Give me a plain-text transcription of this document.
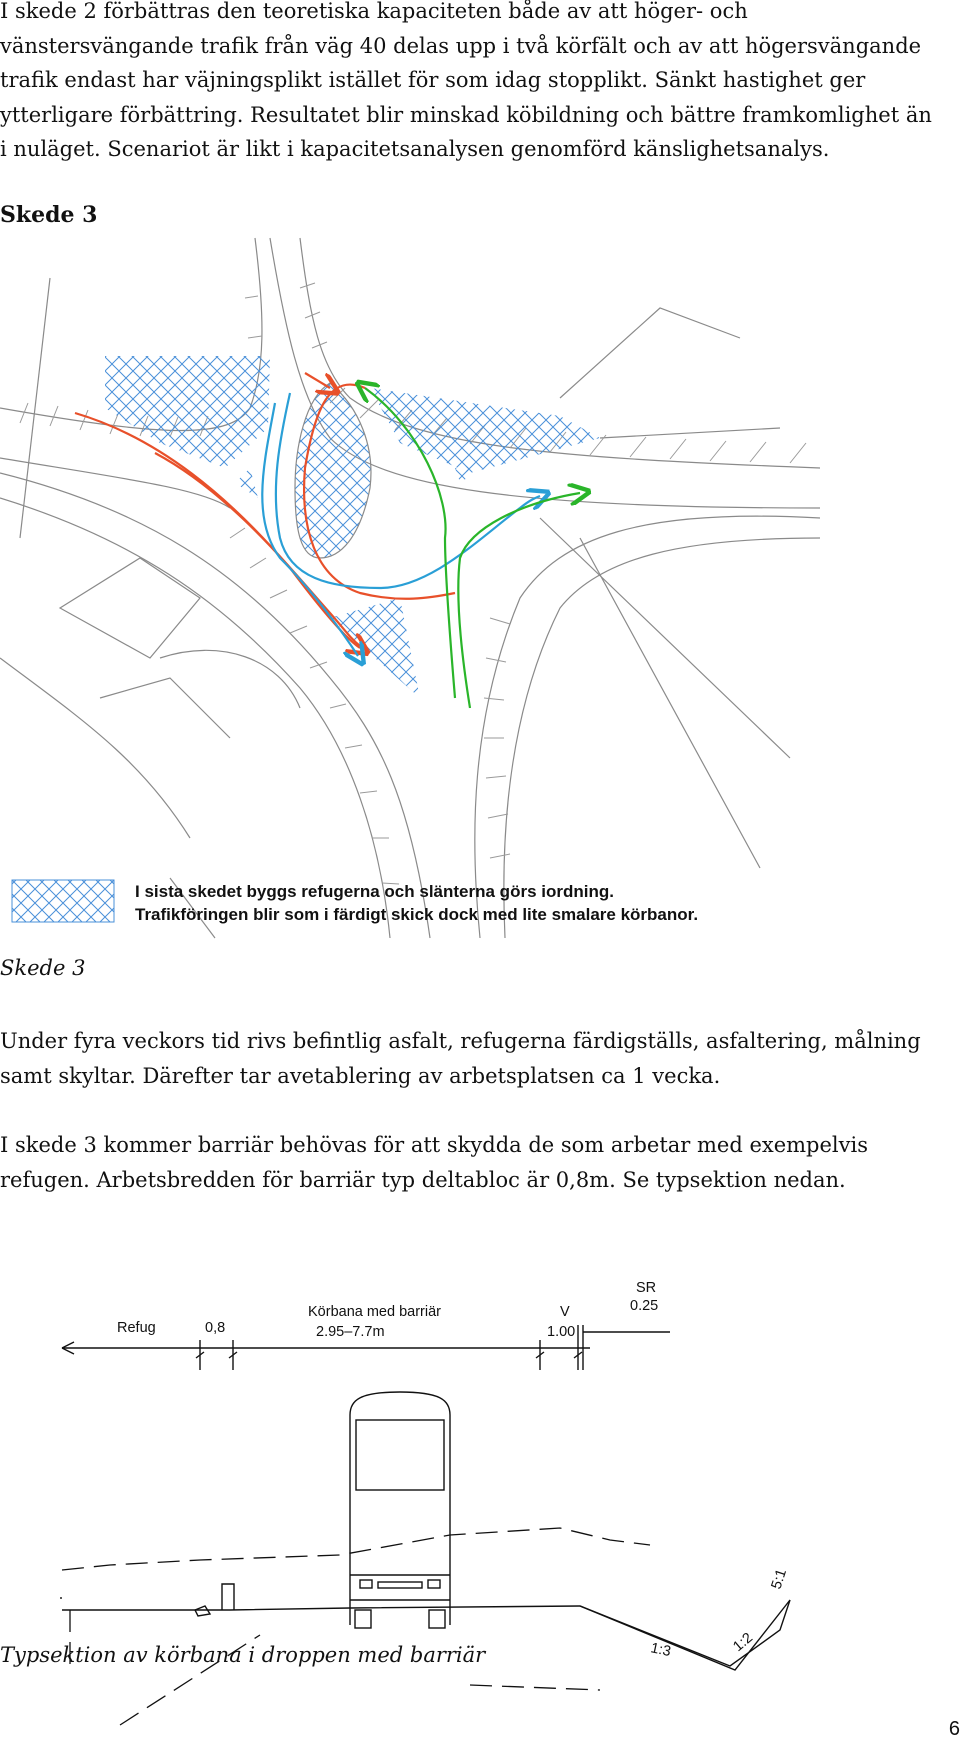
I skede 2 förbättras den teoretiska kapaciteten både av att höger- och vänstersvängande trafik från väg 40 delas upp i två körfält och av att högersvängande trafik endast har väjningsplikt istället för som idag stopplikt. Sänkt hastighet ger ytterligare förbättring. Resultatet blir minskad köbildning och bättre framkomlighet än i nuläget. Scenariot är likt i kapacitetsanalysen genomförd känslighetsanalys.

Skede 3

I sista skedet byggs refugerna och slänterna görs iordning.
Trafikföringen blir som i färdigt skick dock med lite smalare körbanor.

Skede 3

Under fyra veckors tid rivs befintlig asfalt, refugerna färdigställs, asfaltering, målning samt skyltar. Därefter tar avetablering av arbetsplatsen ca 1 vecka.

I skede 3 kommer barriär behövas för att skydda de som arbetar med exempelvis refugen. Arbetsbredden för barriär typ deltabloc är 0,8m. Se typsektion nedan.

Refug	0,8
Körbana med barriär
2.95–7.7m
V
1.00
SR
0.25
1:3	1:2
5:1

Typsektion av körbana i droppen med barriär

6
